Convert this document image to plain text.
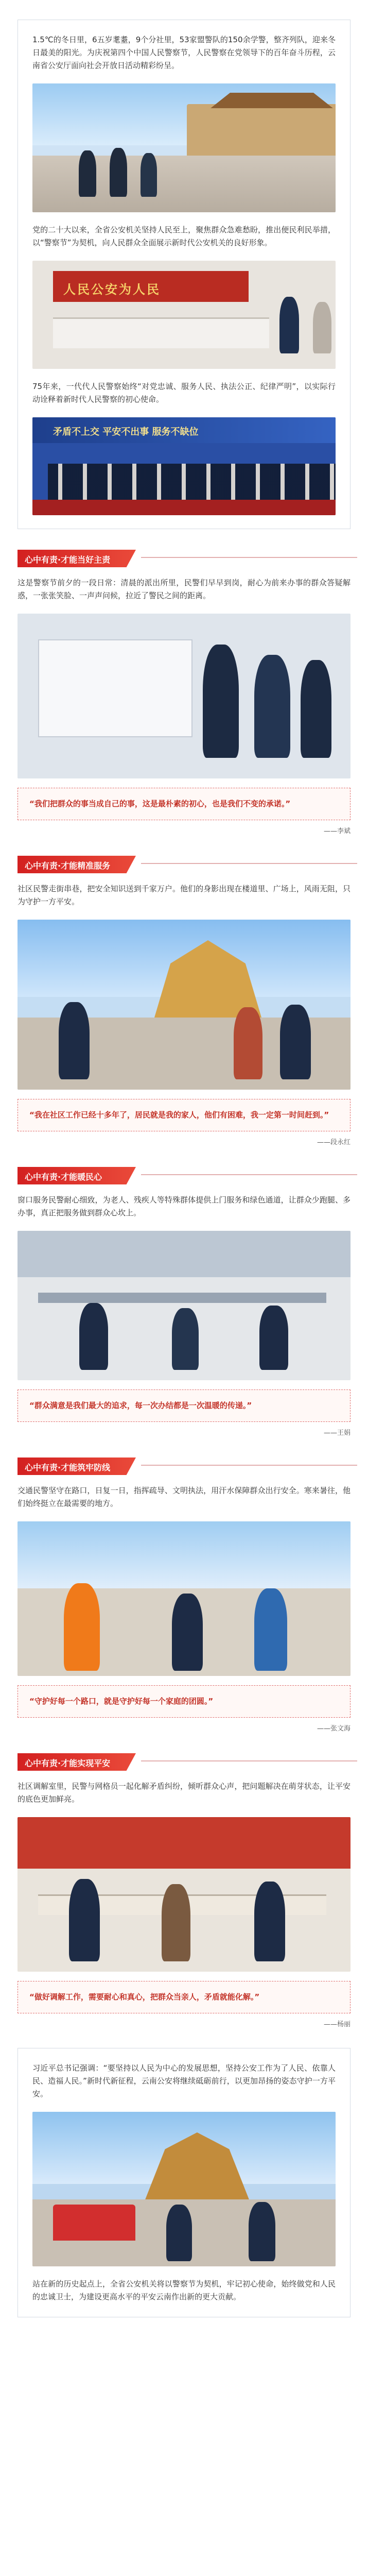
1.5℃的冬日里，6五岁耄耋，9个分社里，53家盟警队的150余学警，整齐列队，迎来冬日最美的阳光。为庆祝第四个中国人民警察节，人民警察在党领导下的百年奋斗历程，云南省公安厅面向社会开放日活动精彩纷呈。

党的二十大以来，全省公安机关坚持人民至上，聚焦群众急难愁盼，推出便民利民举措，以“警察节”为契机，向人民群众全面展示新时代公安机关的良好形象。

人民公安为人民

75年来，一代代人民警察始终“对党忠诚、服务人民、执法公正、纪律严明”，以实际行动诠释着新时代人民警察的初心使命。

矛盾不上交 平安不出事 服务不缺位
心中有责·才能当好主责
这是警察节前夕的一段日常：清晨的派出所里，民警们早早到岗，耐心为前来办事的群众答疑解惑，一张张笑脸、一声声问候，拉近了警民之间的距离。

“我们把群众的事当成自己的事，这是最朴素的初心，也是我们不变的承诺。”

——李斌
心中有责·才能精准服务
社区民警走街串巷，把安全知识送到千家万户。他们的身影出现在楼道里、广场上，风雨无阻，只为守护一方平安。

“我在社区工作已经十多年了，居民就是我的家人，他们有困难，我一定第一时间赶到。”

——段永红
心中有责·才能暖民心
窗口服务民警耐心细致，为老人、残疾人等特殊群体提供上门服务和绿色通道，让群众少跑腿、多办事，真正把服务做到群众心坎上。

“群众满意是我们最大的追求，每一次办结都是一次温暖的传递。”

——王娟
心中有责·才能筑牢防线
交通民警坚守在路口，日复一日，指挥疏导、文明执法，用汗水保障群众出行安全。寒来暑往，他们始终挺立在最需要的地方。

“守护好每一个路口，就是守护好每一个家庭的团圆。”

——张文海
心中有责·才能实现平安
社区调解室里，民警与网格员一起化解矛盾纠纷，倾听群众心声，把问题解决在萌芽状态，让平安的底色更加鲜亮。

“做好调解工作，需要耐心和真心，把群众当亲人，矛盾就能化解。”

——杨丽

习近平总书记强调：“要坚持以人民为中心的发展思想，坚持公安工作为了人民、依靠人民、造福人民。”新时代新征程，云南公安将继续砥砺前行，以更加昂扬的姿态守护一方平安。

站在新的历史起点上，全省公安机关将以警察节为契机，牢记初心使命，始终做党和人民的忠诚卫士，为建设更高水平的平安云南作出新的更大贡献。
